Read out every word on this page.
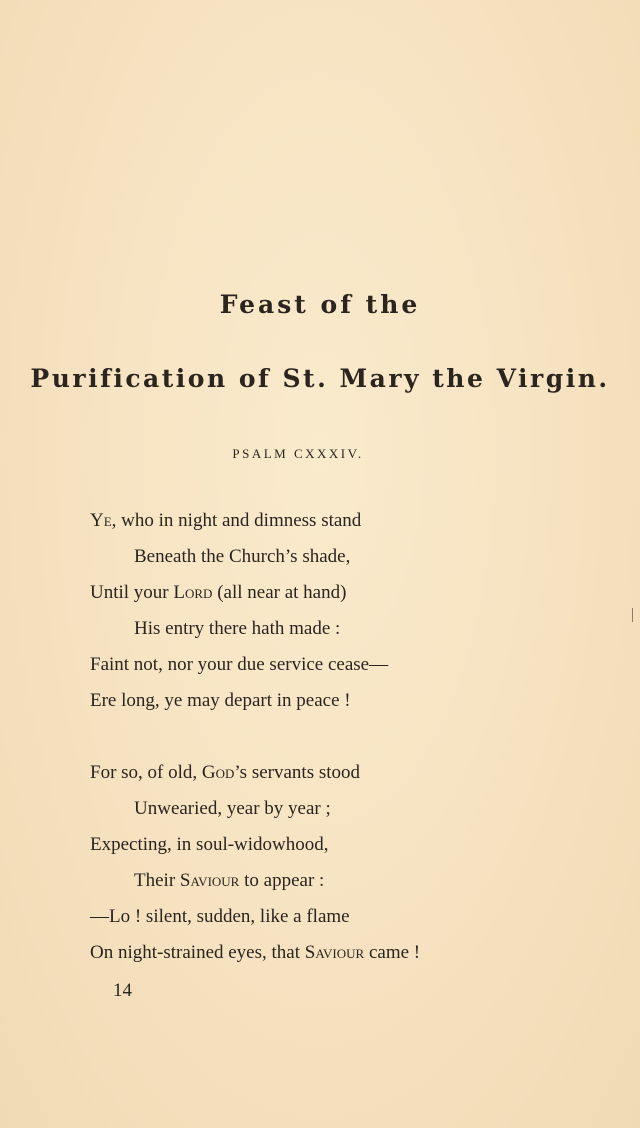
Feast of the
Purification of St. Mary the Virgin.
PSALM CXXXIV.
Ye, who in night and dimness stand
Beneath the Church’s shade,
Until your Lord (all near at hand)
His entry there hath made :
Faint not, nor your due service cease—
Ere long, ye may depart in peace !
For so, of old, God’s servants stood
Unwearied, year by year ;
Expecting, in soul-widowhood,
Their Saviour to appear :
—Lo ! silent, sudden, like a flame
On night-strained eyes, that Saviour came !
14
